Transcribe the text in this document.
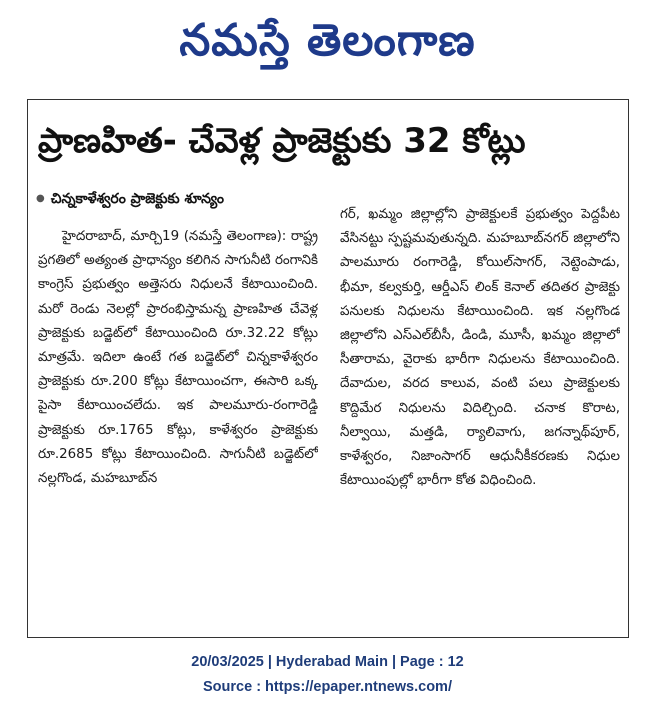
నమస్తే తెలంగాణ
ప్రాణహిత- చేవెళ్ల ప్రాజెక్టుకు 32 కోట్లు
● చిన్నకాళేశ్వరం ప్రాజెక్టుకు శూన్యం

హైదరాబాద్, మార్చి19 (నమస్తే తెలంగాణ): రాష్ట్ర ప్రగతిలో అత్యంత ప్రాధాన్యం కలిగిన సాగునీటి రంగానికి కాంగ్రెస్ ప్రభుత్వం అత్తెసరు నిధులనే కేటాయించింది. మరో రెండు నెలల్లో ప్రారంభిస్తామన్న ప్రాణహిత చేవెళ్ల ప్రాజెక్టుకు బడ్జెట్‌లో కేటాయించింది రూ.32.22 కోట్లు మాత్రమే. ఇదిలా ఉంటే గత బడ్జెట్‌లో చిన్నకాళేశ్వరం ప్రాజెక్టుకు రూ.200 కోట్లు కేటాయించగా, ఈసారి ఒక్క పైసా కేటాయించలేదు. ఇక పాలమూరు-రంగారెడ్డి ప్రాజెక్టుకు రూ.1765 కోట్లు, కాళేశ్వరం ప్రాజెక్టుకు రూ.2685 కోట్లు కేటాయించింది. సాగునీటి బడ్జెట్‌లో నల్లగొండ, మహబూబ్‌న

గర్, ఖమ్మం జిల్లాల్లోని ప్రాజెక్టులకే ప్రభుత్వం పెద్దపీట వేసినట్టు స్పష్టమవుతున్నది. మహబూబ్‌నగర్ జిల్లాలోని పాలమూరు రంగారెడ్డి, కోయిల్‌సాగర్, నెట్టెంపాడు, భీమా, కల్వకుర్తి, ఆర్డీఎస్ లింక్ కెనాల్ తదితర ప్రాజెక్టు పనులకు నిధులను కేటాయించింది. ఇక నల్లగొండ జిల్లాలోని ఎస్‌ఎల్‌బీసీ, డిండి, మూసీ, ఖమ్మం జిల్లాలో సీతారామ, వైరాకు భారీగా నిధులను కేటాయించింది. దేవాదుల, వరద కాలువ, వంటి పలు ప్రాజెక్టులకు కొద్దిమేర నిధులను విదిల్చింది. చనాక కొరాట, నీల్వాయి, మత్తడి, ర్యాలివాగు, జగన్నాథ్‌పూర్, కాళేశ్వరం, నిజాంసాగర్ ఆధునీకీకరణకు నిధుల కేటాయింపుల్లో భారీగా కోత విధించింది.

20/03/2025 | Hyderabad Main | Page : 12
Source : https://epaper.ntnews.com/
